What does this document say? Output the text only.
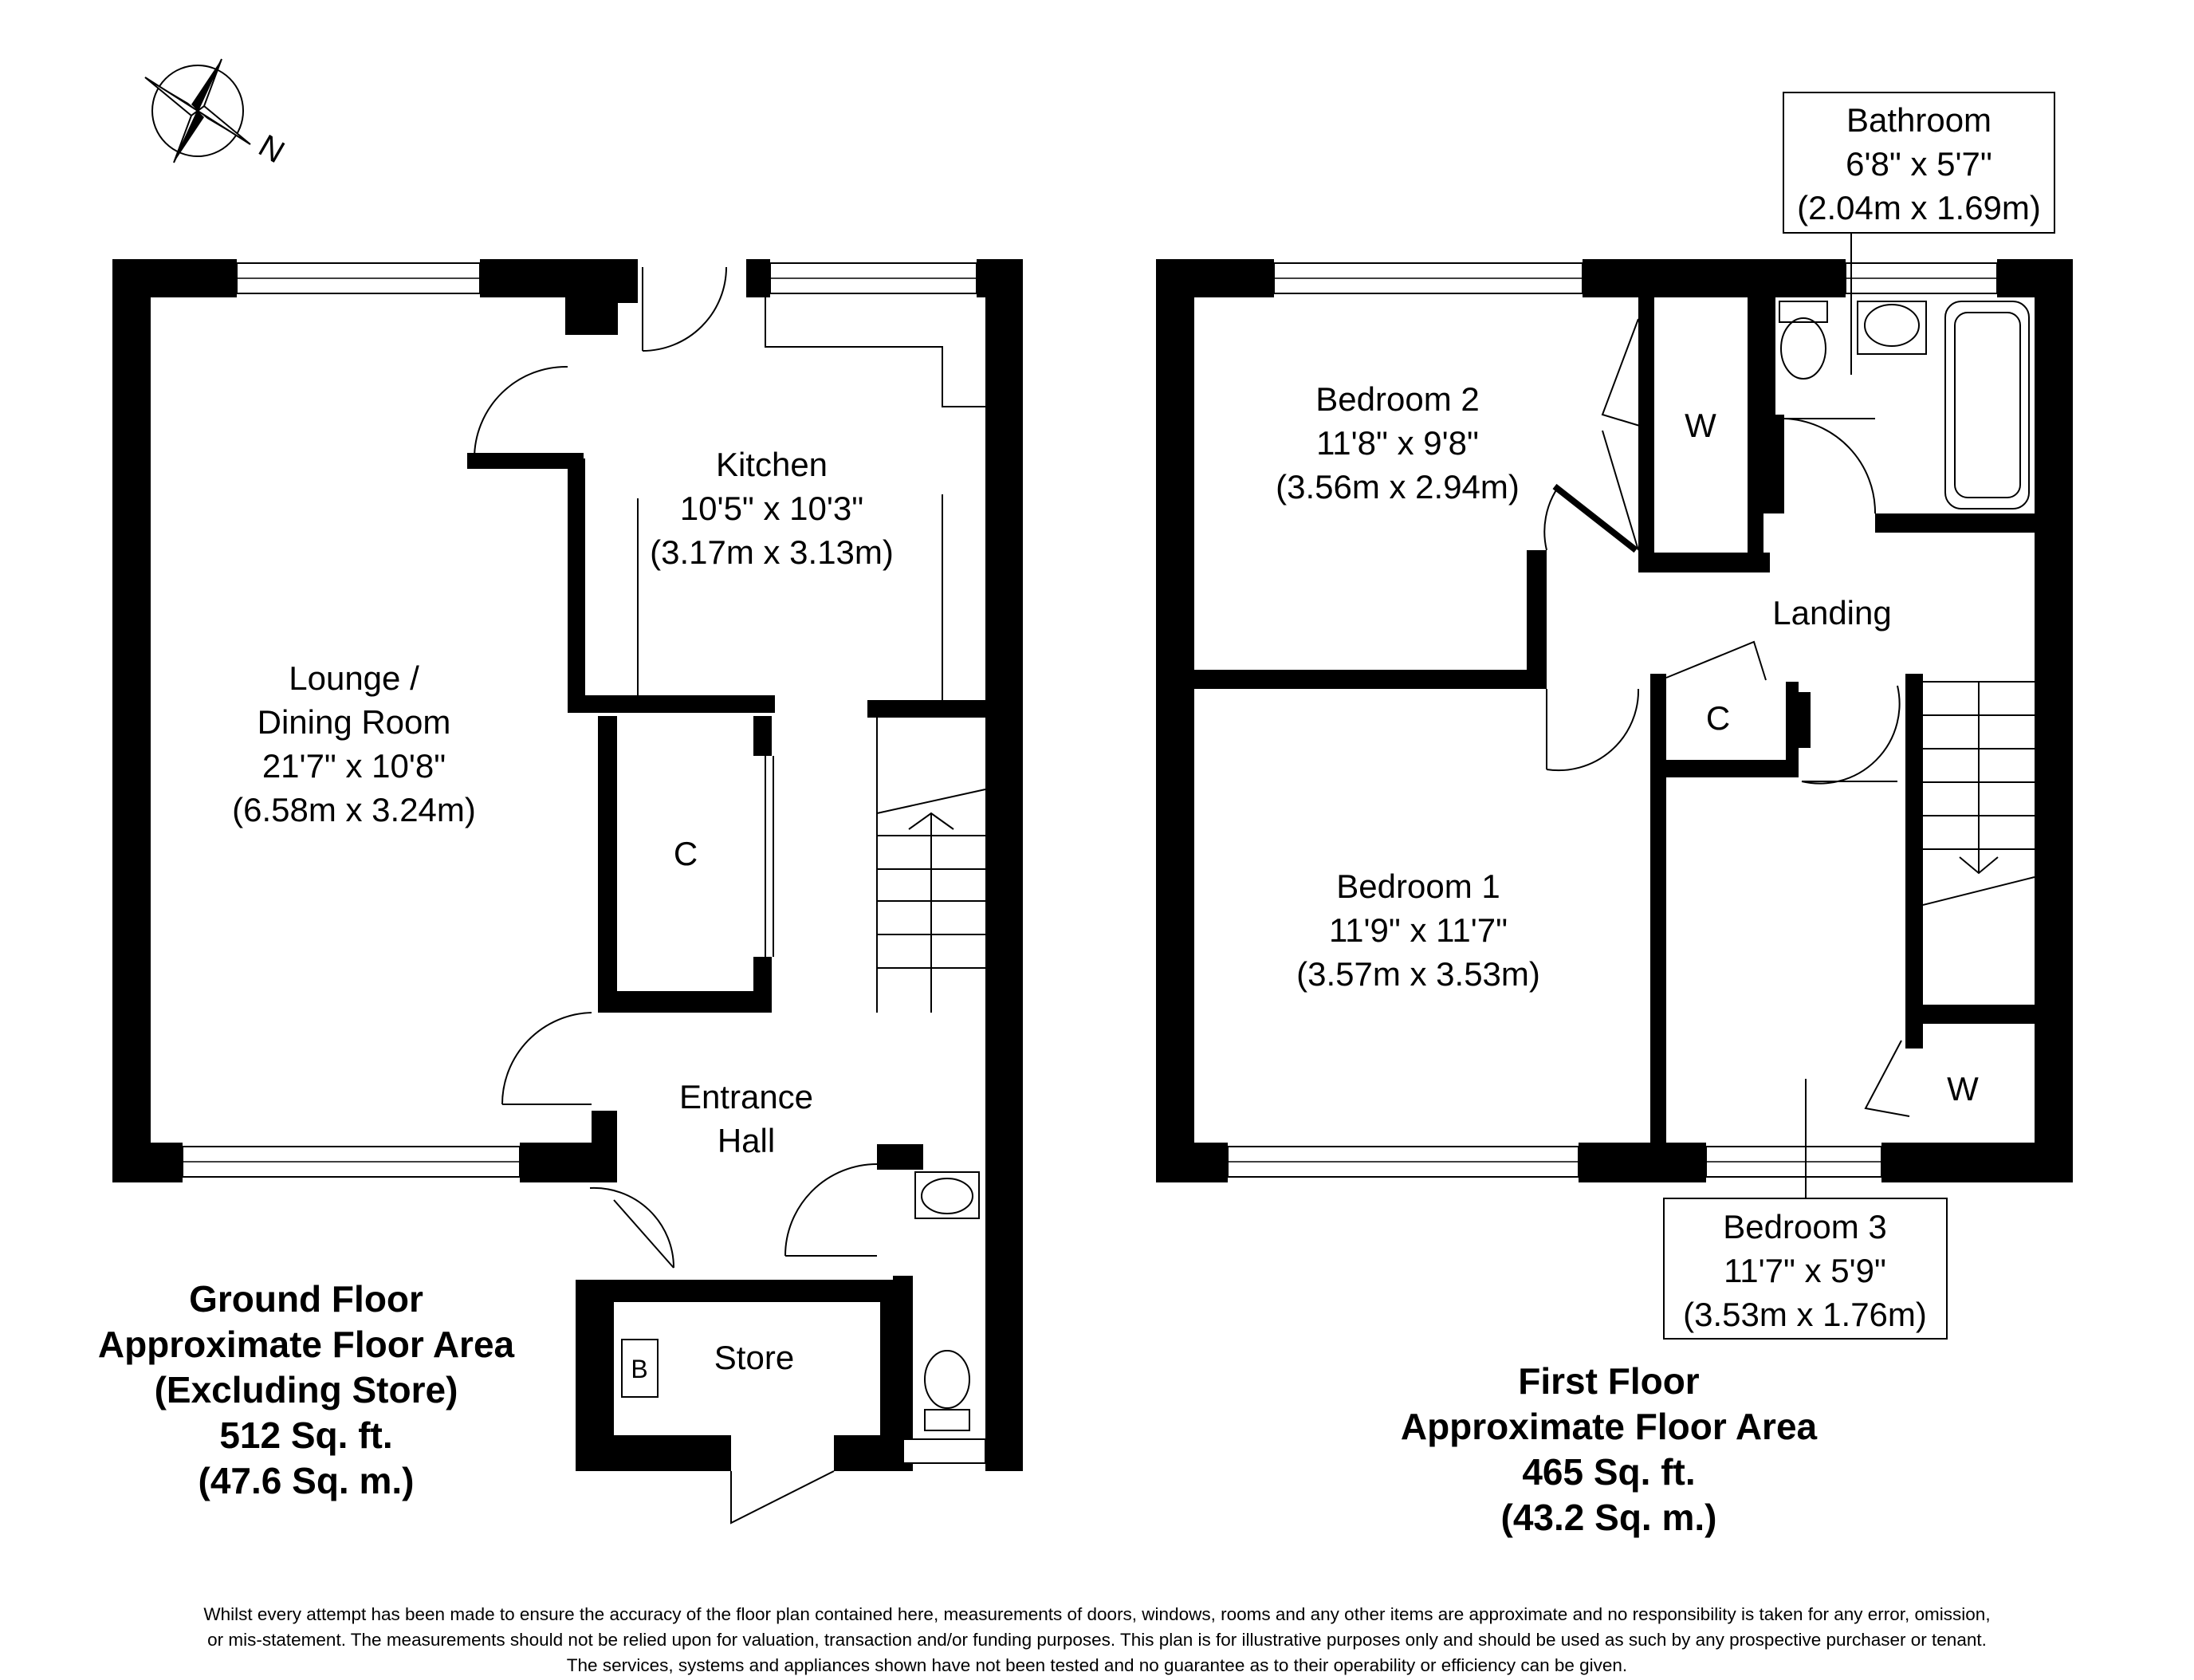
N
Lounge /
Dining Room
21'7" x 10'8"
(6.58m x 3.24m)
Kitchen
10'5" x 10'3"
(3.17m x 3.13m)
C
Entrance
Hall
Store
B
Ground Floor
Approximate Floor Area
(Excluding Store)
512 Sq. ft.
(47.6 Sq. m.)
Bathroom
6'8" x 5'7"
(2.04m x 1.69m)
Bedroom 2
11'8" x 9'8"
(3.56m x 2.94m)
W
Landing
C
Bedroom 1
11'9" x 11'7"
(3.57m x 3.53m)
W
Bedroom 3
11'7" x 5'9"
(3.53m x 1.76m)
First Floor
Approximate Floor Area
465 Sq. ft.
(43.2 Sq. m.)
Whilst every attempt has been made to ensure the accuracy of the floor plan contained here, measurements of doors, windows, rooms and any other items are approximate and no responsibility is taken for any error, omission,
or mis-statement. The measurements should not be relied upon for valuation, transaction and/or funding purposes. This plan is for illustrative purposes only and should be used as such by any prospective purchaser or tenant.
The services, systems and appliances shown have not been tested and no guarantee as to their operability or efficiency can be given.
